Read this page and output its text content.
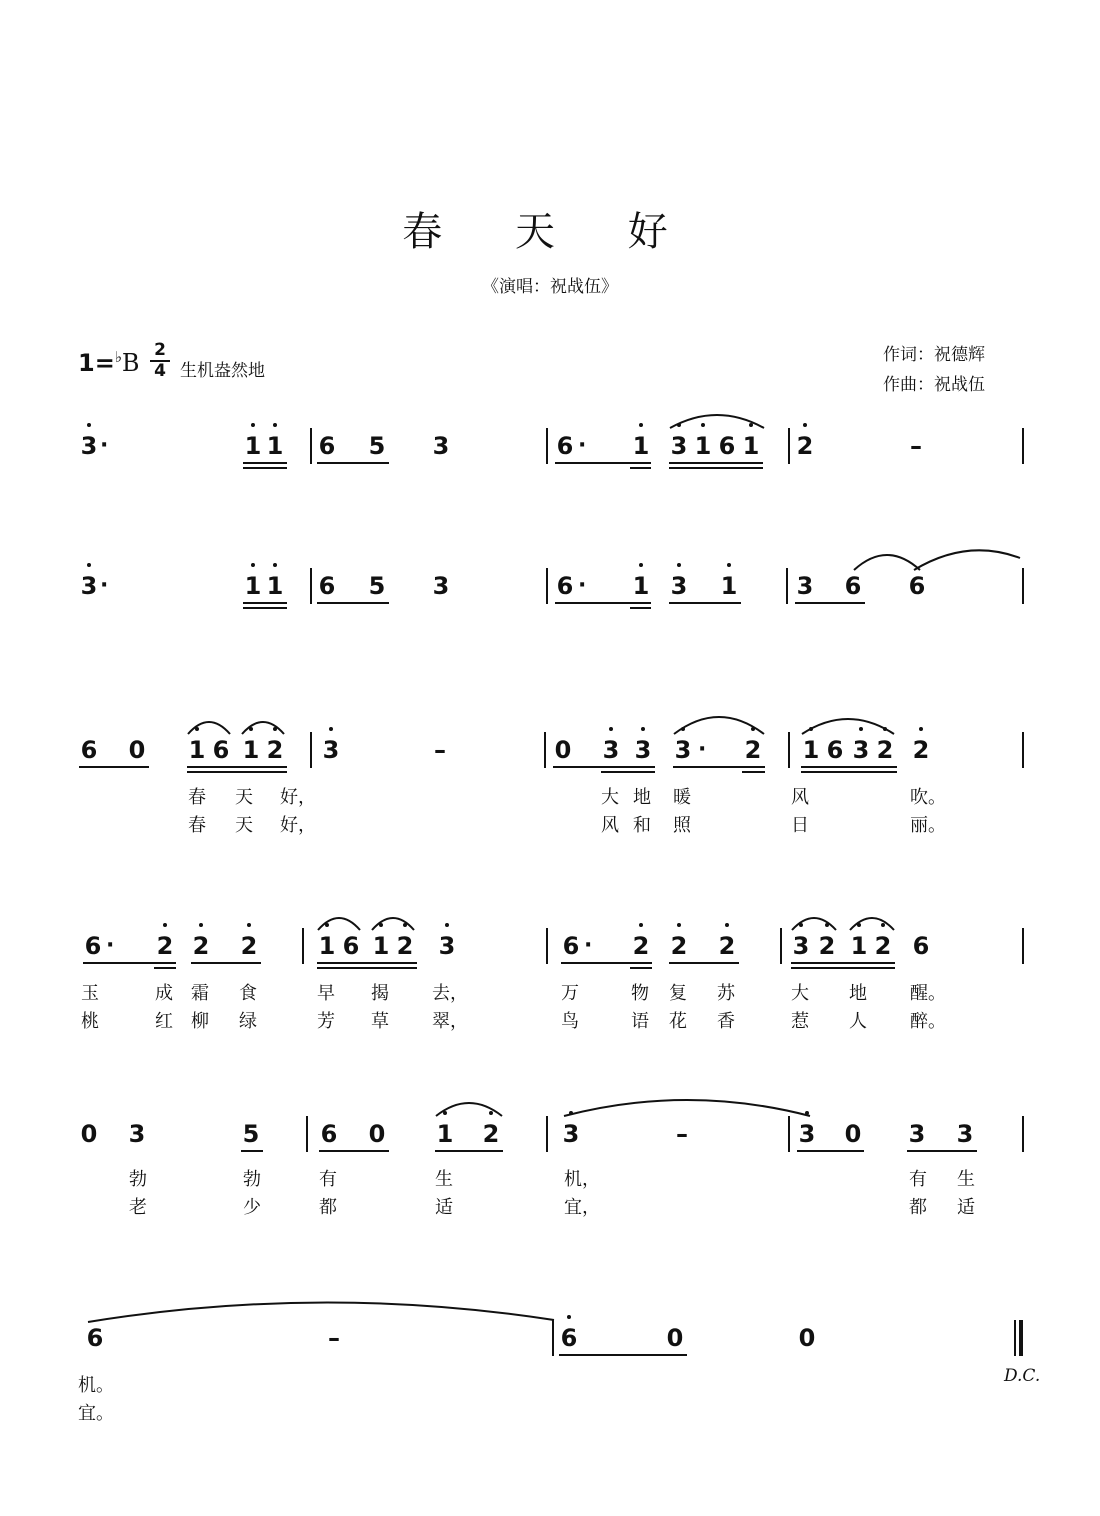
春 天 好
《演唱：祝战伍》
作词：祝德辉
作曲：祝战伍
1=♭B 2
4 生机盎然地
3 ·	1 1 6 5 3	6 · 1 3 1 6 1 2	–
3 ·	1 1 6 5 3	6 · 1 3 1 3 6 6
6 0 1 6 1 2 3	–	0 3 3 3 · 2 1 6 3 2 2
春	天	好，	大 地	暖	风	吹。
春	天	好，	风 和	照	日	丽。
6 · 2 2 2	1 6 1 2 3	6 · 2 2 2 3 2 1 2 6
玉	成	霜	食	早	揭	去，	万	物	复	苏	大	地	醒。
桃	红	柳	绿	芳	草	翠，	鸟	语	花	香	惹	人	醉。
0 3	5	6 0 1 2	3	–	3 0 3 3
勃	勃	有	生	机，	有	生
老	少	都	适	宜，	都	适
6	–	6	0	0
D.C.
机。
宜。
